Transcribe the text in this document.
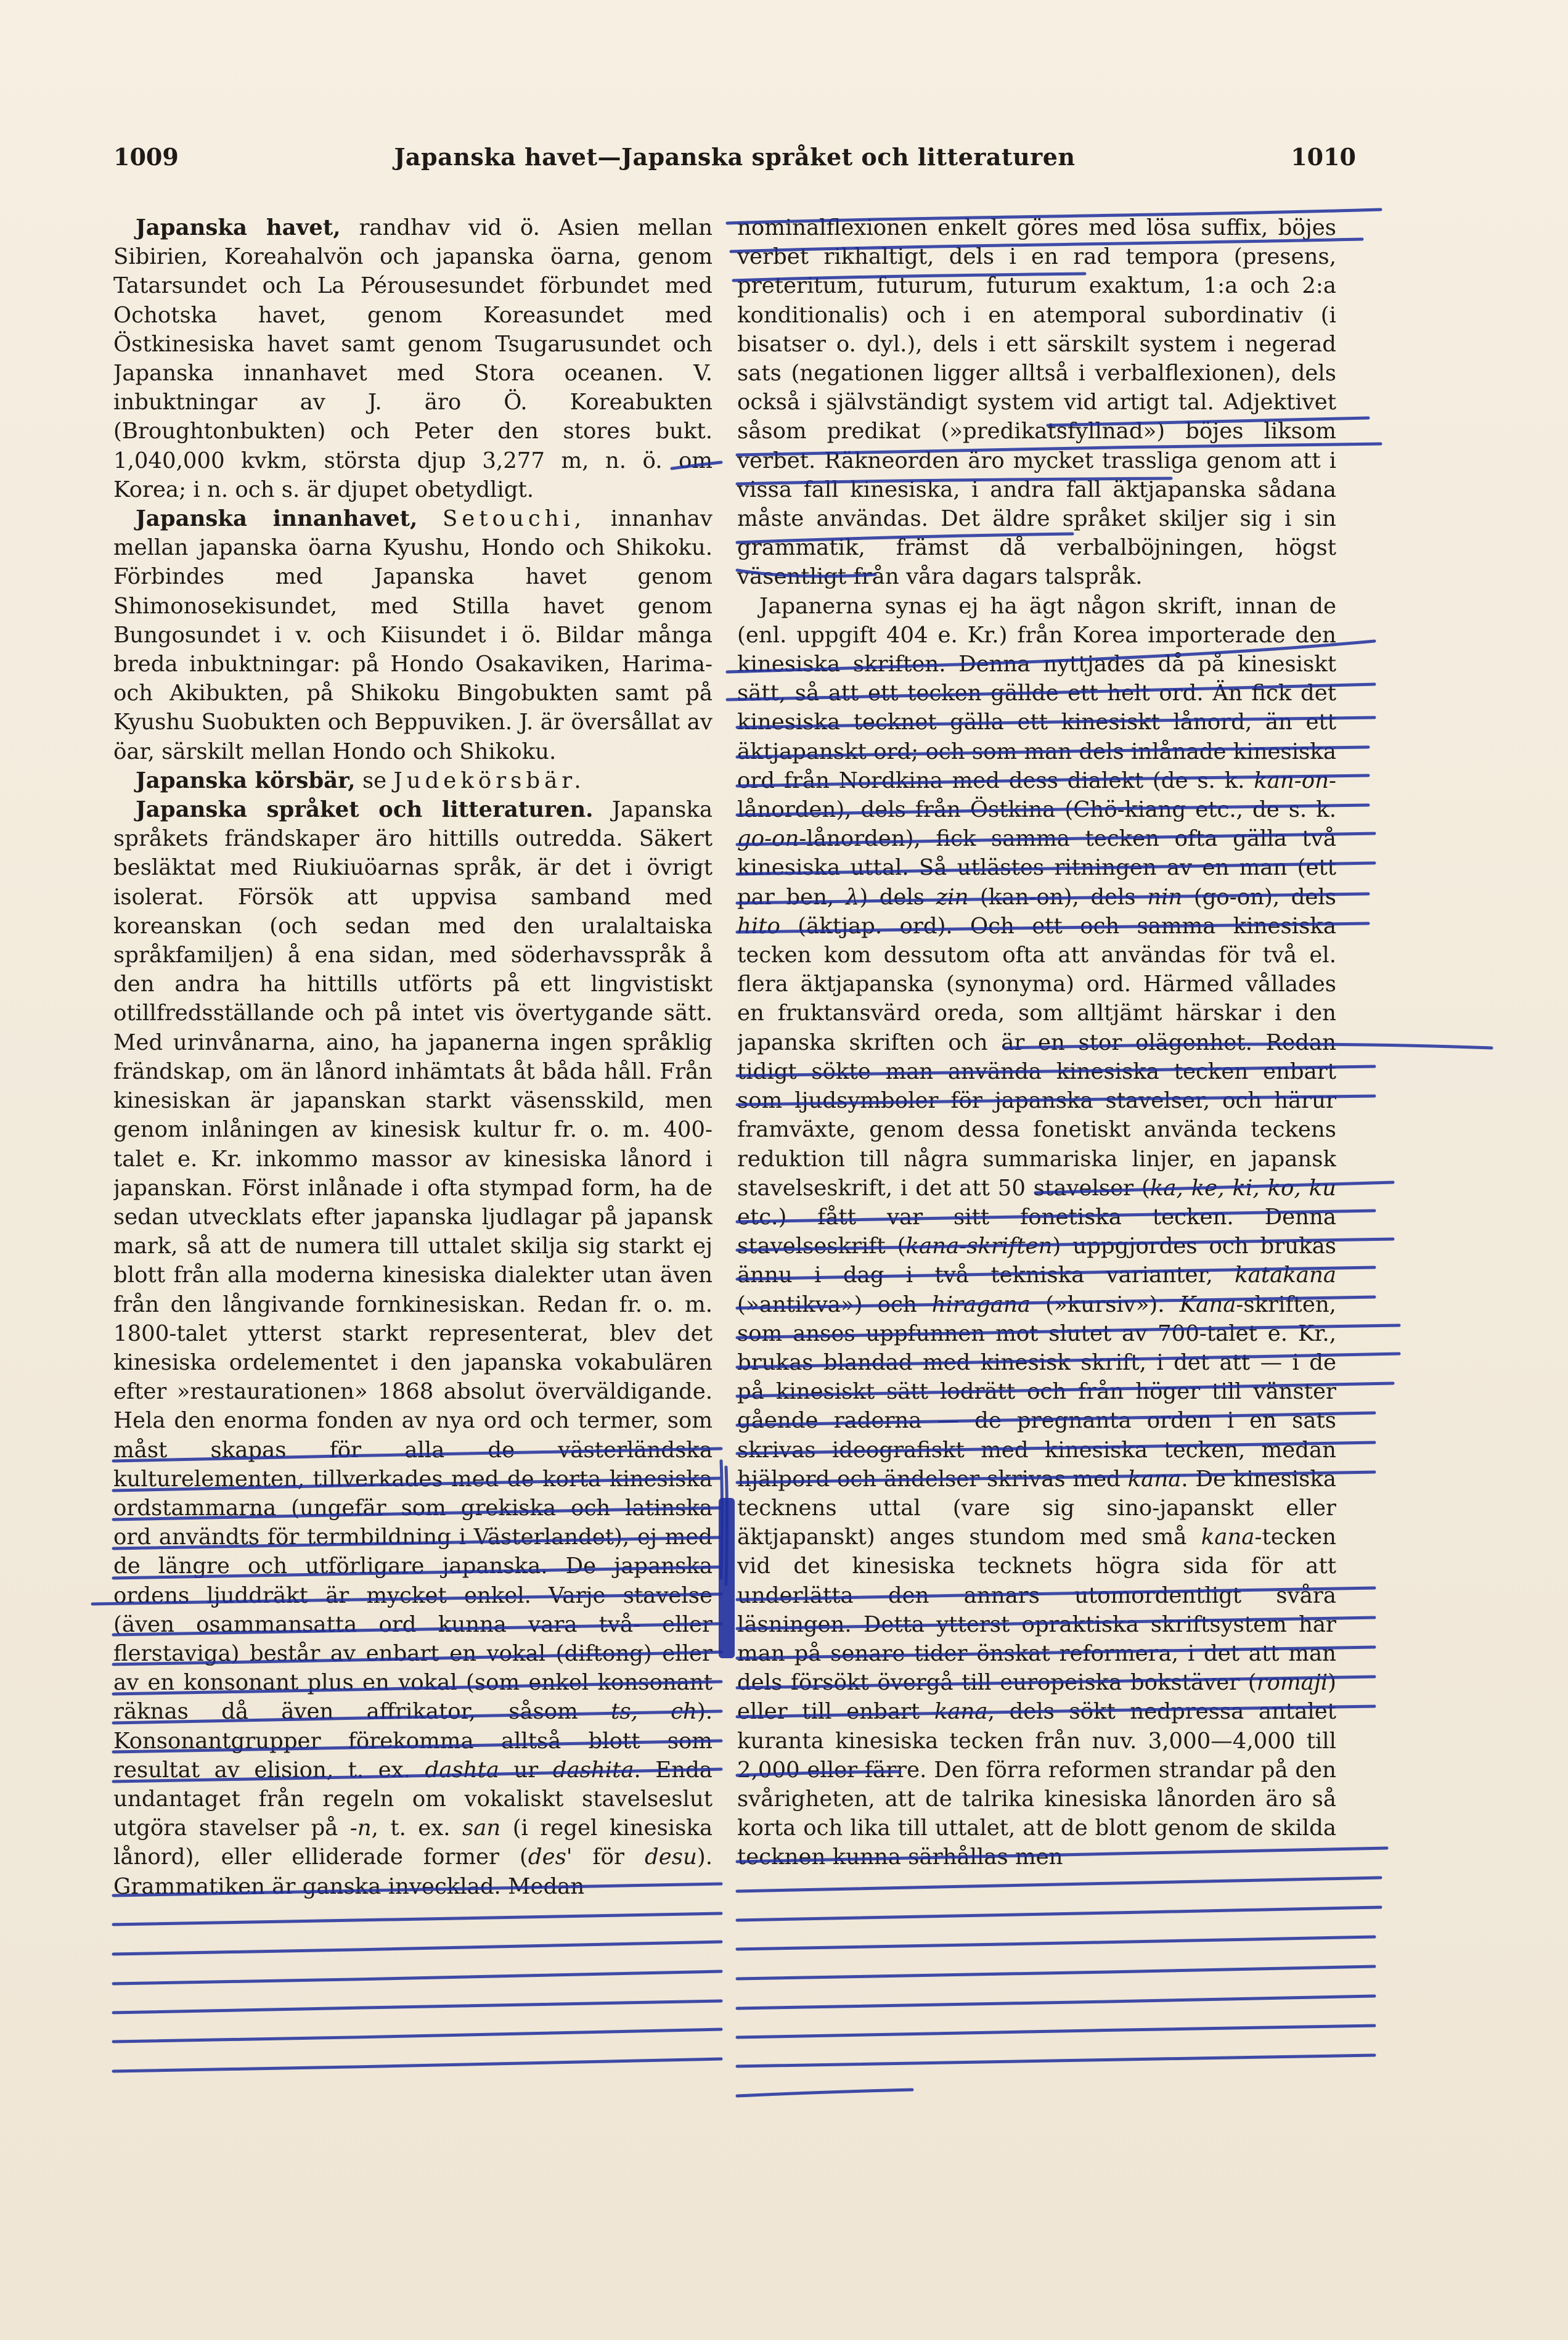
1009	Japanska havet—Japanska språket och litteraturen	1010

Japanska havet, randhav vid ö. Asien mellan Sibirien, Koreahalvön och japanska öarna, genom Tatarsundet och La Pérousesundet förbundet med Ochotska havet, genom Koreasundet med Östkinesiska havet samt genom Tsugarusundet och Japanska innanhavet med Stora oceanen. V. inbuktningar av J. äro Ö. Koreabukten (Broughtonbukten) och Peter den stores bukt. 1,040,000 kvkm, största djup 3,277 m, n. ö. om Korea; i n. och s. är djupet obetydligt.

Japanska innanhavet, Setouchi, innanhav mellan japanska öarna Kyushu, Hondo och Shikoku. Förbindes med Japanska havet genom Shimonosekisundet, med Stilla havet genom Bungosundet i v. och Kiisundet i ö. Bildar många breda inbuktningar: på Hondo Osakaviken, Harima- och Akibukten, på Shikoku Bingobukten samt på Kyushu Suobukten och Beppuviken. J. är översållat av öar, särskilt mellan Hondo och Shikoku.

Japanska körsbär, se Judekörsbär.

Japanska språket och litteraturen. Japanska språkets frändskaper äro hittills outredda. Säkert besläktat med Riukiuöarnas språk, är det i övrigt isolerat. Försök att uppvisa samband med koreanskan (och sedan med den uralaltaiska språkfamiljen) å ena sidan, med söderhavsspråk å den andra ha hittills utförts på ett lingvistiskt otillfredsställande och på intet vis övertygande sätt. Med urinvånarna, aino, ha japanerna ingen språklig frändskap, om än lånord inhämtats åt båda håll. Från kinesiskan är japanskan starkt väsensskild, men genom inlåningen av kinesisk kultur fr. o. m. 400-talet e. Kr. inkommo massor av kinesiska lånord i japanskan. Först inlånade i ofta stympad form, ha de sedan utvecklats efter japanska ljudlagar på japansk mark, så att de numera till uttalet skilja sig starkt ej blott från alla moderna kinesiska dialekter utan även från den långivande fornkinesiskan. Redan fr. o. m. 1800-talet ytterst starkt representerat, blev det kinesiska ordelementet i den japanska vokabulären efter »restaurationen» 1868 absolut överväldigande. Hela den enorma fonden av nya ord och termer, som måst skapas för alla de västerländska kulturelementen, tillverkades med de korta kinesiska ordstammarna (ungefär som grekiska och latinska ord användts för termbildning i Västerlandet), ej med de längre och utförligare japanska. De japanska ordens ljuddräkt är mycket enkel. Varje stavelse (även osammansatta ord kunna vara två- eller flerstaviga) består av enbart en vokal (diftong) eller av en konsonant plus en vokal (som enkel konsonant räknas då även affrikator, såsom ts, ch). Konsonantgrupper förekomma alltså blott som resultat av elision, t. ex. dashta ur dashita. Enda undantaget från regeln om vokaliskt stavelseslut utgöra stavelser på -n, t. ex. san (i regel kinesiska lånord), eller elliderade former (des' för desu). Grammatiken är ganska invecklad. Medan

nominalflexionen enkelt göres med lösa suffix, böjes verbet rikhaltigt, dels i en rad tempora (presens, preteritum, futurum, futurum exaktum, 1:a och 2:a konditionalis) och i en atemporal subordinativ (i bisatser o. dyl.), dels i ett särskilt system i negerad sats (negationen ligger alltså i verbalflexionen), dels också i självständigt system vid artigt tal. Adjektivet såsom predikat (»predikatsfyllnad») böjes liksom verbet. Räkneorden äro mycket trassliga genom att i vissa fall kinesiska, i andra fall äktjapanska sådana måste användas. Det äldre språket skiljer sig i sin grammatik, främst då verbalböjningen, högst väsentligt från våra dagars talspråk.

Japanerna synas ej ha ägt någon skrift, innan de (enl. uppgift 404 e. Kr.) från Korea importerade den kinesiska skriften. Denna nyttjades då på kinesiskt sätt, så att ett tecken gällde ett helt ord. Än fick det kinesiska tecknet gälla ett kinesiskt lånord, än ett äktjapanskt ord; och som man dels inlånade kinesiska ord från Nordkina med dess dialekt (de s. k. kan-on-lånorden), dels från Östkina (Chö-kiang etc., de s. k. go-on-lånorden), fick samma tecken ofta gälla två kinesiska uttal. Så utlästes ritningen av en man (ett par ben, λ) dels zin (kan-on), dels nin (go-on), dels hito (äktjap. ord). Och ett och samma kinesiska tecken kom dessutom ofta att användas för två el. flera äktjapanska (synonyma) ord. Härmed vållades en fruktansvärd oreda, som alltjämt härskar i den japanska skriften och är en stor olägenhet. Redan tidigt sökte man använda kinesiska tecken enbart som ljudsymboler för japanska stavelser, och härur framväxte, genom dessa fonetiskt använda teckens reduktion till några summariska linjer, en japansk stavelseskrift, i det att 50 stavelser (ka, ke, ki, ko, ku etc.) fått var sitt fonetiska tecken. Denna stavelseskrift (kana-skriften) uppgjordes och brukas ännu i dag i två tekniska varianter, katakana (»antikva») och hiragana (»kursiv»). Kana-skriften, som anses uppfunnen mot slutet av 700-talet e. Kr., brukas blandad med kinesisk skrift, i det att — i de på kinesiskt sätt lodrätt och från höger till vänster gående raderna — de pregnanta orden i en sats skrivas ideografiskt med kinesiska tecken, medan hjälpord och ändelser skrivas med kana. De kinesiska tecknens uttal (vare sig sino-japanskt eller äktjapanskt) anges stundom med små kana-tecken vid det kinesiska tecknets högra sida för att underlätta den annars utomordentligt svåra läsningen. Detta ytterst opraktiska skriftsystem har man på senare tider önskat reformera, i det att man dels försökt övergå till europeiska bokstäver (romaji) eller till enbart kana, dels sökt nedpressa antalet kuranta kinesiska tecken från nuv. 3,000—4,000 till 2,000 eller färre. Den förra reformen strandar på den svårigheten, att de talrika kinesiska lånorden äro så korta och lika till uttalet, att de blott genom de skilda tecknen kunna särhållas men
